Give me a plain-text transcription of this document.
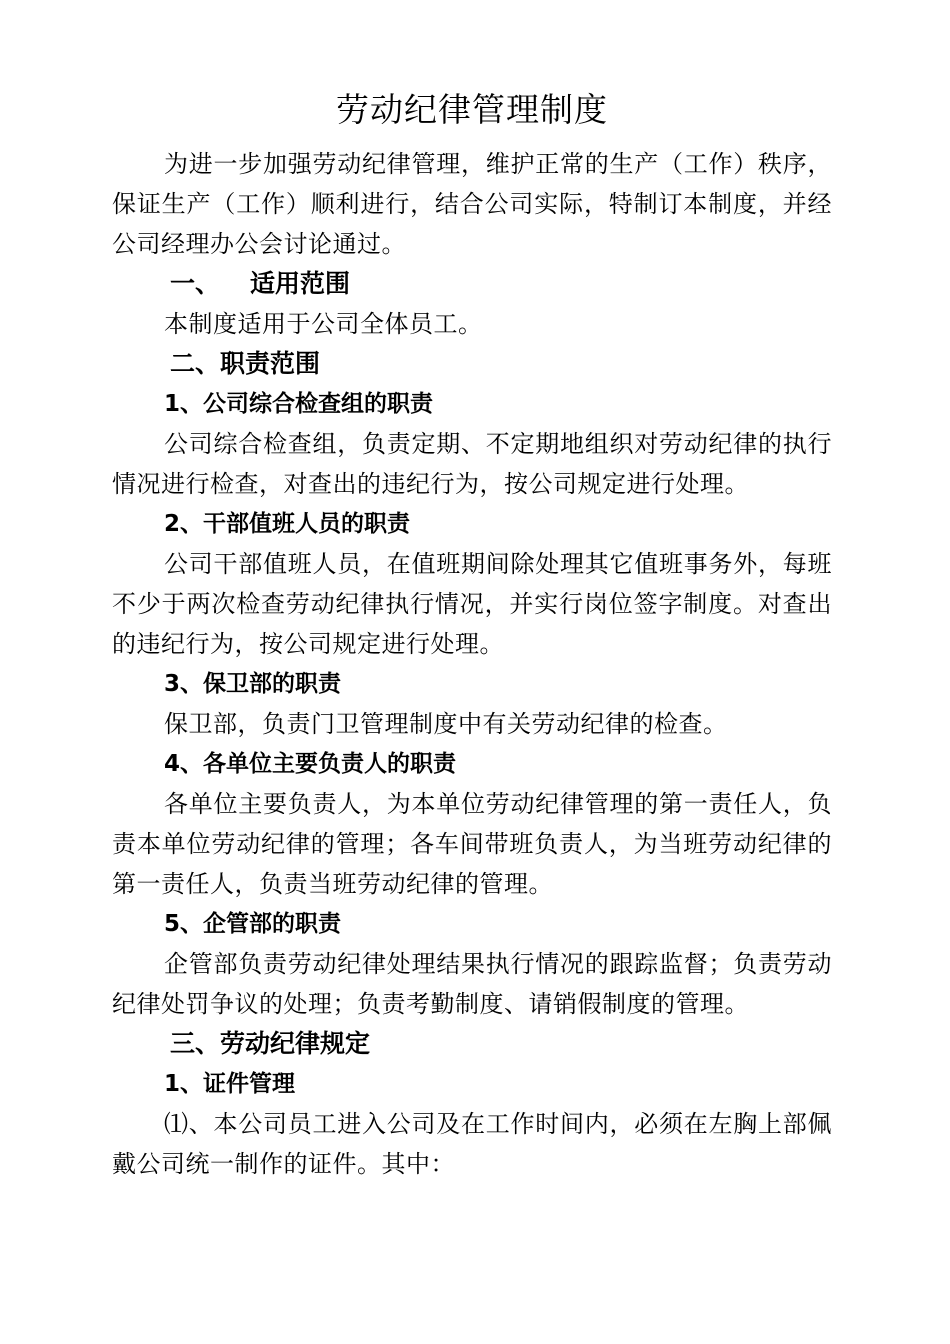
劳动纪律管理制度

为进一步加强劳动纪律管理，维护正常的生产（工作）秩序，保证生产（工作）顺利进行，结合公司实际，特制订本制度，并经公司经理办公会讨论通过。

一、 适用范围

本制度适用于公司全体员工。

二、职责范围
1、公司综合检查组的职责

公司综合检查组，负责定期、不定期地组织对劳动纪律的执行情况进行检查，对查出的违纪行为，按公司规定进行处理。

2、干部值班人员的职责

公司干部值班人员，在值班期间除处理其它值班事务外，每班不少于两次检查劳动纪律执行情况，并实行岗位签字制度。对查出的违纪行为，按公司规定进行处理。

3、保卫部的职责

保卫部，负责门卫管理制度中有关劳动纪律的检查。

4、各单位主要负责人的职责

各单位主要负责人，为本单位劳动纪律管理的第一责任人，负责本单位劳动纪律的管理；各车间带班负责人，为当班劳动纪律的第一责任人，负责当班劳动纪律的管理。

5、企管部的职责

企管部负责劳动纪律处理结果执行情况的跟踪监督；负责劳动纪律处罚争议的处理；负责考勤制度、请销假制度的管理。

三、劳动纪律规定
1、证件管理

⑴、本公司员工进入公司及在工作时间内，必须在左胸上部佩戴公司统一制作的证件。其中：
